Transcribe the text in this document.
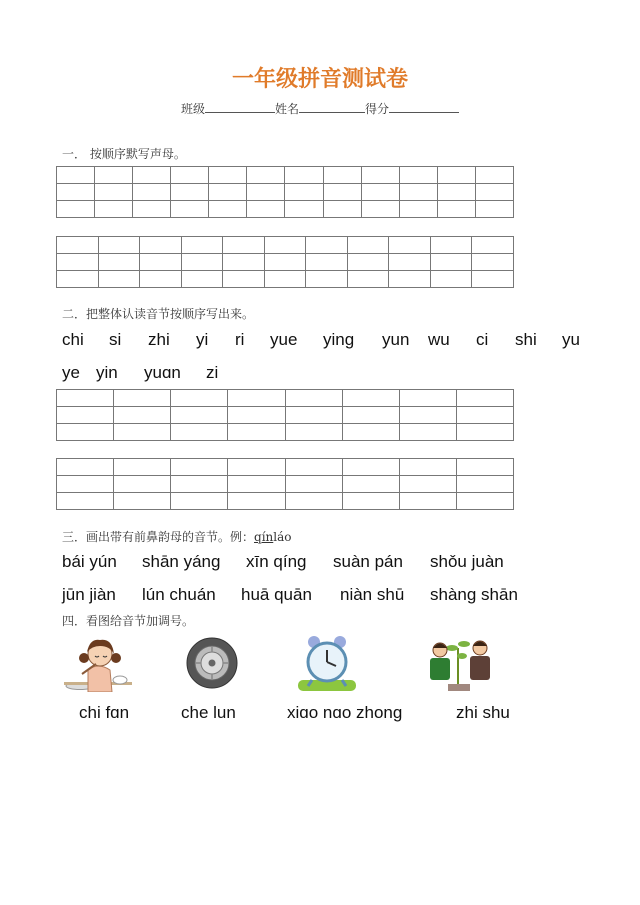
一年级拼音测试卷
班级	姓名	得分
一． 按顺序默写声母。

二．把整体认读音节按顺序写出来。
chi si zhi yi ri yue ying yun wu ci shi yu
ye yin yuɑn zi

三．画出带有前鼻韵母的音节。例：qínláo
bái yún shān yáng xīn qíng suàn pán shǒu juàn
jūn jiàn lún chuán huā quān niàn shū shàng shān
四．看图给音节加调号。
chi fɑn	che lun	xiɑo nɑo zhong	zhi shu
